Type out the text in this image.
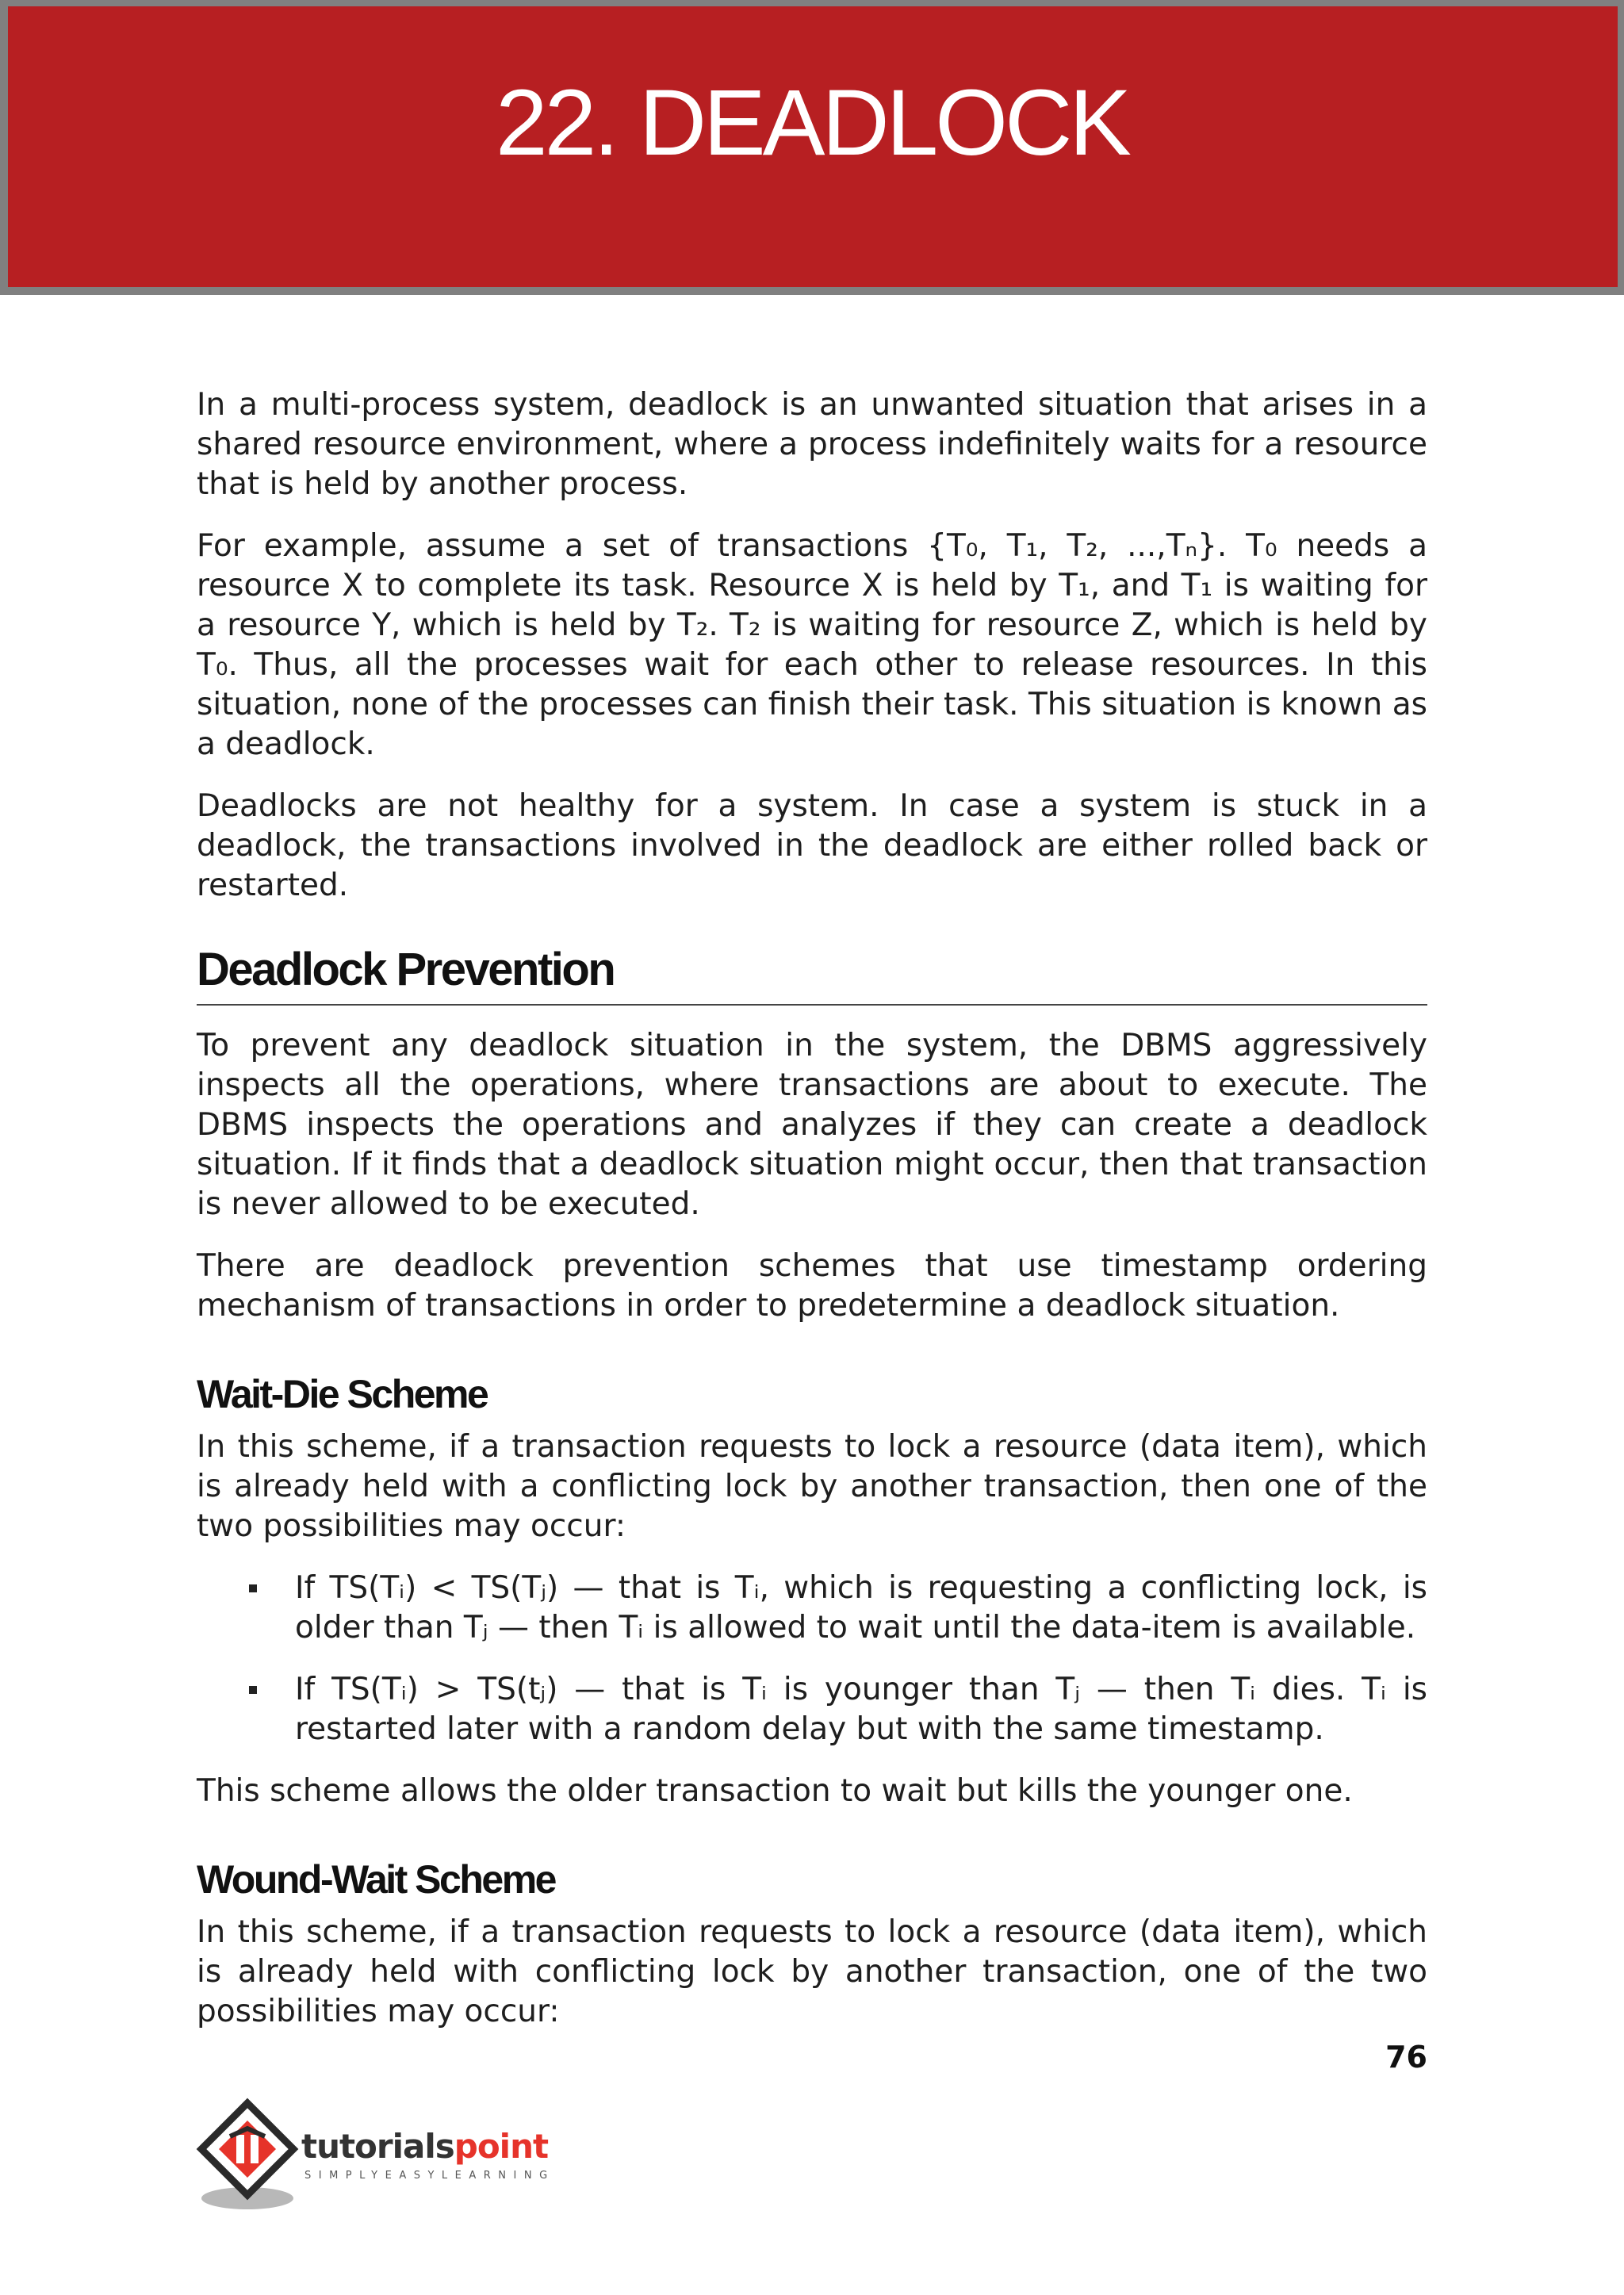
22. DEADLOCK

In a multi-process system, deadlock is an unwanted situation that arises in a shared resource environment, where a process indefinitely waits for a resource that is held by another process.

For example, assume a set of transactions {T₀, T₁, T₂, ...,Tₙ}. T₀ needs a resource X to complete its task. Resource X is held by T₁, and T₁ is waiting for a resource Y, which is held by T₂. T₂ is waiting for resource Z, which is held by T₀. Thus, all the processes wait for each other to release resources. In this situation, none of the processes can finish their task. This situation is known as a deadlock.

Deadlocks are not healthy for a system. In case a system is stuck in a deadlock, the transactions involved in the deadlock are either rolled back or restarted.

Deadlock Prevention

To prevent any deadlock situation in the system, the DBMS aggressively inspects all the operations, where transactions are about to execute. The DBMS inspects the operations and analyzes if they can create a deadlock situation. If it finds that a deadlock situation might occur, then that transaction is never allowed to be executed.

There are deadlock prevention schemes that use timestamp ordering mechanism of transactions in order to predetermine a deadlock situation.

Wait-Die Scheme

In this scheme, if a transaction requests to lock a resource (data item), which is already held with a conflicting lock by another transaction, then one of the two possibilities may occur:

If TS(Tᵢ) < TS(Tⱼ) — that is Tᵢ, which is requesting a conflicting lock, is older than Tⱼ — then Tᵢ is allowed to wait until the data-item is available.
If TS(Tᵢ) > TS(tⱼ) — that is Tᵢ is younger than Tⱼ — then Tᵢ dies. Tᵢ is restarted later with a random delay but with the same timestamp.

This scheme allows the older transaction to wait but kills the younger one.

Wound-Wait Scheme

In this scheme, if a transaction requests to lock a resource (data item), which is already held with conflicting lock by another transaction, one of the two possibilities may occur:

76
tutorialspoint
SIMPLYEASYLEARNING
